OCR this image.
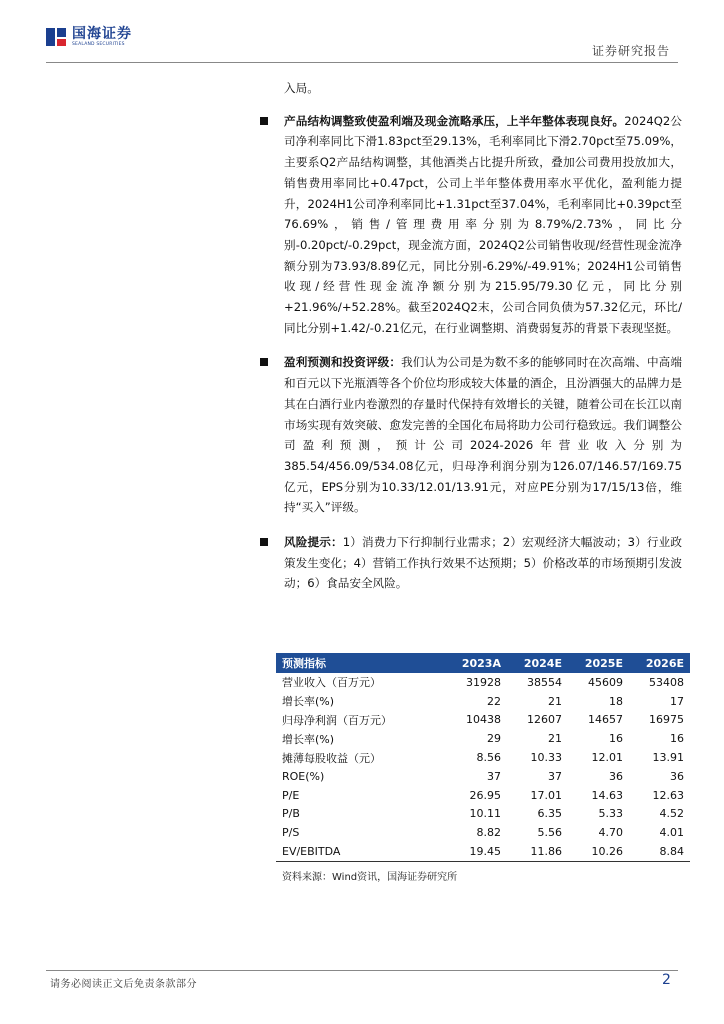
国海证券
SEALAND SECURITIES	证券研究报告
入局。
产品结构调整致使盈利端及现金流略承压，上半年整体表现良好。2024Q2公司净利率同比下滑1.83pct至29.13%，毛利率同比下滑2.70pct至75.09%，主要系Q2产品结构调整，其他酒类占比提升所致，叠加公司费用投放加大，销售费用率同比+0.47pct，公司上半年整体费用率水平优化，盈利能力提升，2024H1公司净利率同比+1.31pct至37.04%，毛利率同比+0.39pct至76.69%，销售/管理费用率分别为8.79%/2.73%，同比分别-0.20pct/-0.29pct，现金流方面，2024Q2公司销售收现/经营性现金流净额分别为73.93/8.89亿元，同比分别-6.29%/-49.91%；2024H1公司销售收现/经营性现金流净额分别为215.95/79.30亿元，同比分别+21.96%/+52.28%。截至2024Q2末，公司合同负债为57.32亿元，环比/同比分别+1.42/-0.21亿元，在行业调整期、消费弱复苏的背景下表现坚挺。
盈利预测和投资评级：我们认为公司是为数不多的能够同时在次高端、中高端和百元以下光瓶酒等各个价位均形成较大体量的酒企，且汾酒强大的品牌力是其在白酒行业内卷激烈的存量时代保持有效增长的关键，随着公司在长江以南市场实现有效突破、愈发完善的全国化布局将助力公司行稳致远。我们调整公司盈利预测，预计公司2024-2026年营业收入分别为385.54/456.09/534.08亿元，归母净利润分别为126.07/146.57/169.75亿元，EPS分别为10.33/12.01/13.91元，对应PE分别为17/15/13倍，维持“买入”评级。
风险提示：1）消费力下行抑制行业需求；2）宏观经济大幅波动；3）行业政策发生变化；4）营销工作执行效果不达预期；5）价格改革的市场预期引发波动；6）食品安全风险。
预测指标	2023A	2024E	2025E	2026E
营业收入（百万元）	31928	38554	45609	53408
增长率(%)	22	21	18	17
归母净利润（百万元）	10438	12607	14657	16975
增长率(%)	29	21	16	16
摊薄每股收益（元）	8.56	10.33	12.01	13.91
ROE(%)	37	37	36	36
P/E	26.95	17.01	14.63	12.63
P/B	10.11	6.35	5.33	4.52
P/S	8.82	5.56	4.70	4.01
EV/EBITDA	19.45	11.86	10.26	8.84
资料来源：Wind资讯，国海证券研究所
请务必阅读正文后免责条款部分	2
